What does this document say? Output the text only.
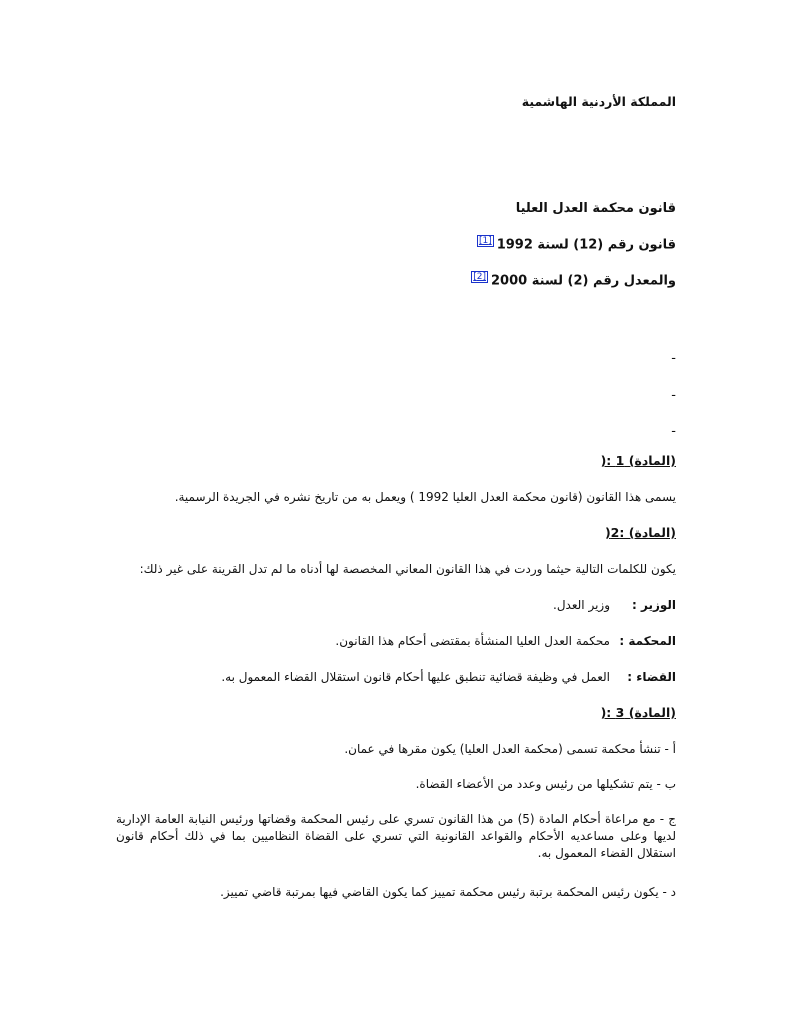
المملكة الأردنية الهاشمية
قانون محكمة العدل العليا
قانون رقم (12) لسنة 1992[1]
والمعدل رقم (2) لسنة 2000[2]
-
-
-
(المادة) 1 :(
يسمى هذا القانون (قانون محكمة العدل العليا 1992 ) ويعمل به من تاريخ نشره في الجريدة الرسمية.
(المادة) :2(
يكون للكلمات التالية حيثما وردت في هذا القانون المعاني المخصصة لها أدناه ما لم تدل القرينة على غير ذلك:
الوزير :وزير العدل.
المحكمة :محكمة العدل العليا المنشأة بمقتضى أحكام هذا القانون.
القضاء :العمل في وظيفة قضائية تنطبق عليها أحكام قانون استقلال القضاء المعمول به.
(المادة) 3 :(
أ - تنشأ محكمة تسمى (محكمة العدل العليا) يكون مقرها في عمان.
ب - يتم تشكيلها من رئيس وعدد من الأعضاء القضاة.
ج - مع مراعاة أحكام المادة (5) من هذا القانون تسري على رئيس المحكمة وقضاتها ورئيس النيابة العامة الإدارية لديها وعلى مساعديه الأحكام والقواعد القانونية التي تسري على القضاة النظاميين بما في ذلك أحكام قانون استقلال القضاء المعمول به.
د - يكون رئيس المحكمة برتبة رئيس محكمة تمييز كما يكون القاضي فيها بمرتبة قاضي تمييز.
